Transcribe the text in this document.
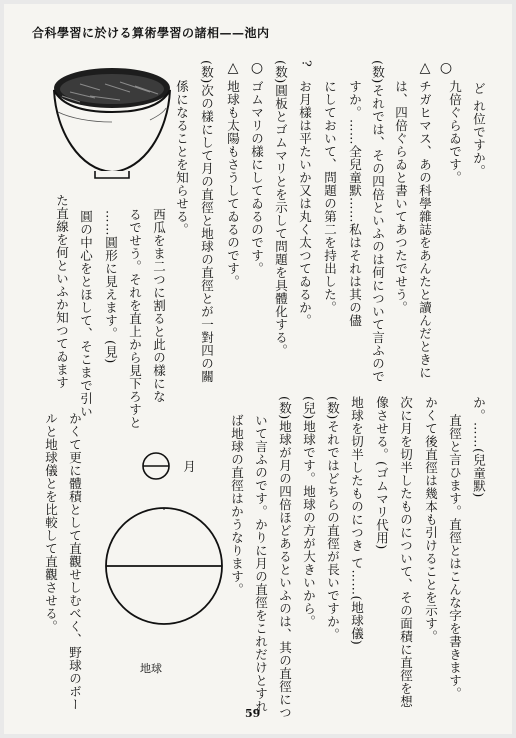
合科學習に於ける算術學習の諸相——池内
○
ど れ位ですか。
九倍ぐらゐです。
△
チガヒマス、あの科學雜誌をあんたと讀んだときに
は、四倍ぐらゐと書いてあつたでせう。
(数)それでは、その四倍といふのは何について言ふので
すか。……全兒童默……私はそれは其の儘
にしておいて、問題の第二を持出した。
?
お月樣は平たいか又は丸く太つてゐるか。
(数)圓板とゴムマリとを示して問題を具體化する。
○
ゴムマリの樣にしてゐるのです。
△
地球も太陽もさうしてゐるのです。
(数)次の樣にして月の直徑と地球の直徑とが一對四の關
係になることを知らせる。
西瓜をま二つに割ると此の樣にな
るでせう。それを直上から見下ろすと
……圓形に見えます。(見)
圓の中心をとほして、そこまで引い
た直線を何といふか知つてゐます
か。……(兒童默)
直徑と言ひます。直徑とはこんな字を書きます。
かくて後直徑は幾本も引けることを示す。
次に月を切半したものについて、その面積に直徑を想
像させる。(ゴムマリ代用)
地球を切半したものにつき て……(地球儀)
(数)それではどちらの直徑が長いですか。
(兒)地球です。地球の方が大きいから。
(数)地球が月の四倍ほどあるといふのは、其の直徑につ
いて言ふのです。かりに月の直徑をこれだけとすれ
ば地球の直徑はかうなります。
かくて更に體積として直觀せしむべく、野球のボー
ルと地球儀とを比較して直觀させる。	月
地球
59
